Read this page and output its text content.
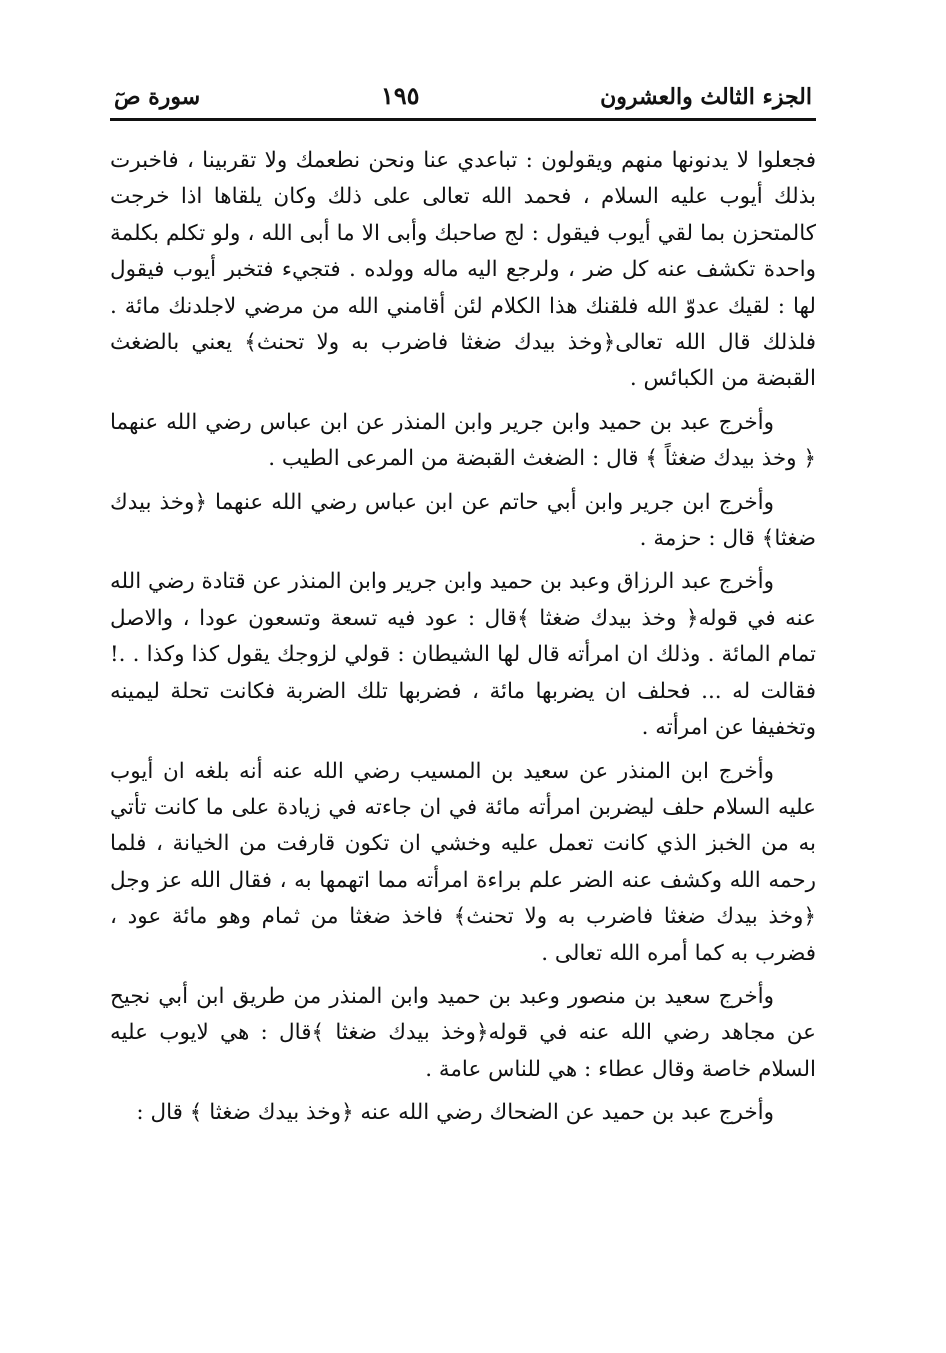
الجزء الثالث والعشرون
١٩٥
سورة صٓ

فجعلوا لا يدنونها منهم ويقولون : تباعدي عنا ونحن نطعمك ولا تقربينا ، فاخبرت بذلك أيوب عليه السلام ، فحمد الله تعالى على ذلك وكان يلقاها اذا خرجت كالمتحزن بما لقي أيوب فيقول : لج صاحبك وأبى الا ما أبى الله ، ولو تكلم بكلمة واحدة تكشف عنه كل ضر ، ولرجع اليه ماله وولده . فتجيء فتخبر أيوب فيقول لها : لقيك عدوّ الله فلقنك هذا الكلام لئن أقامني الله من مرضي لاجلدنك مائة . فلذلك قال الله تعالى﴿وخذ بيدك ضغثا فاضرب به ولا تحنث﴾ يعني بالضغث القبضة من الكبائس .

وأخرج عبد بن حميد وابن جرير وابن المنذر عن ابن عباس رضي الله عنهما ﴿ وخذ بيدك ضغثاً ﴾ قال : الضغث القبضة من المرعى الطيب .

وأخرج ابن جرير وابن أبي حاتم عن ابن عباس رضي الله عنهما ﴿وخذ بيدك ضغثا﴾ قال : حزمة .

وأخرج عبد الرزاق وعبد بن حميد وابن جرير وابن المنذر عن قتادة رضي الله عنه في قوله﴿ وخذ بيدك ضغثا ﴾قال : عود فيه تسعة وتسعون عودا ، والاصل تمام المائة . وذلك ان امرأته قال لها الشيطان : قولي لزوجك يقول كذا وكذا . .! فقالت له ... فحلف ان يضربها مائة ، فضربها تلك الضربة فكانت تحلة ليمينه وتخفيفا عن امرأته .

وأخرج ابن المنذر عن سعيد بن المسيب رضي الله عنه أنه بلغه ان أيوب عليه السلام حلف ليضربن امرأته مائة في ان جاءته في زيادة على ما كانت تأتي به من الخبز الذي كانت تعمل عليه وخشي ان تكون قارفت من الخيانة ، فلما رحمه الله وكشف عنه الضر علم براءة امرأته مما اتهمها به ، فقال الله عز وجل ﴿وخذ بيدك ضغثا فاضرب به ولا تحنث﴾ فاخذ ضغثا من ثمام وهو مائة عود ، فضرب به كما أمره الله تعالى .

وأخرج سعيد بن منصور وعبد بن حميد وابن المنذر من طريق ابن أبي نجيح عن مجاهد رضي الله عنه في قوله﴿وخذ بيدك ضغثا ﴾قال : هي لايوب عليه السلام خاصة وقال عطاء : هي للناس عامة .

وأخرج عبد بن حميد عن الضحاك رضي الله عنه ﴿وخذ بيدك ضغثا ﴾ قال :
